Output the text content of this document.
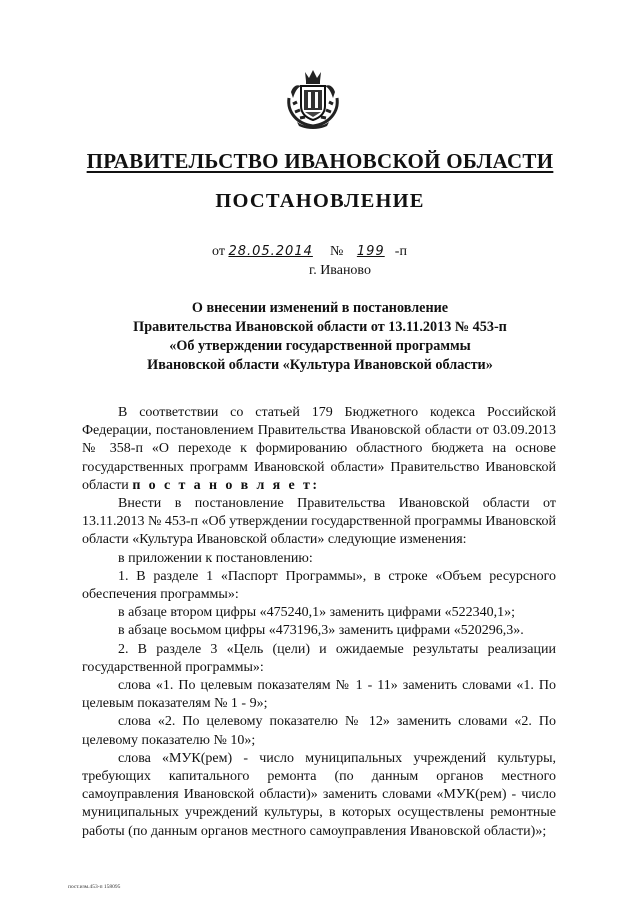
ПРАВИТЕЛЬСТВО ИВАНОВСКОЙ ОБЛАСТИ
ПОСТАНОВЛЕНИЕ
от 28.05.2014 № 199 -п
г. Иваново
О внесении изменений в постановление
Правительства Ивановской области от 13.11.2013 № 453-п
«Об утверждении государственной программы
Ивановской области «Культура Ивановской области»

В соответствии со статьей 179 Бюджетного кодекса Российской Федерации, постановлением Правительства Ивановской области от 03.09.2013 № 358-п «О переходе к формированию областного бюджета на основе государственных программ Ивановской области» Правительство Ивановской области п о с т а н о в л я е т:

Внести в постановление Правительства Ивановской области от 13.11.2013 № 453-п «Об утверждении государственной программы Ивановской области «Культура Ивановской области» следующие изменения:

в приложении к постановлению:

1. В разделе 1 «Паспорт Программы», в строке «Объем ресурсного обеспечения программы»:

в абзаце втором цифры «475240,1» заменить цифрами «522340,1»;

в абзаце восьмом цифры «473196,3» заменить цифрами «520296,3».

2. В разделе 3 «Цель (цели) и ожидаемые результаты реализации государственной программы»:

слова «1. По целевым показателям № 1 - 11» заменить словами «1. По целевым показателям № 1 - 9»;

слова «2. По целевому показателю № 12» заменить словами «2. По целевому показателю № 10»;

слова «МУК(рем) - число муниципальных учреждений культуры, требующих капитального ремонта (по данным органов местного самоуправления Ивановской области)» заменить словами «МУК(рем) - число муниципальных учреждений культуры, в которых осуществлены ремонтные работы (по данным органов местного самоуправления Ивановской области)»;

пост.изм.453-п 158095
